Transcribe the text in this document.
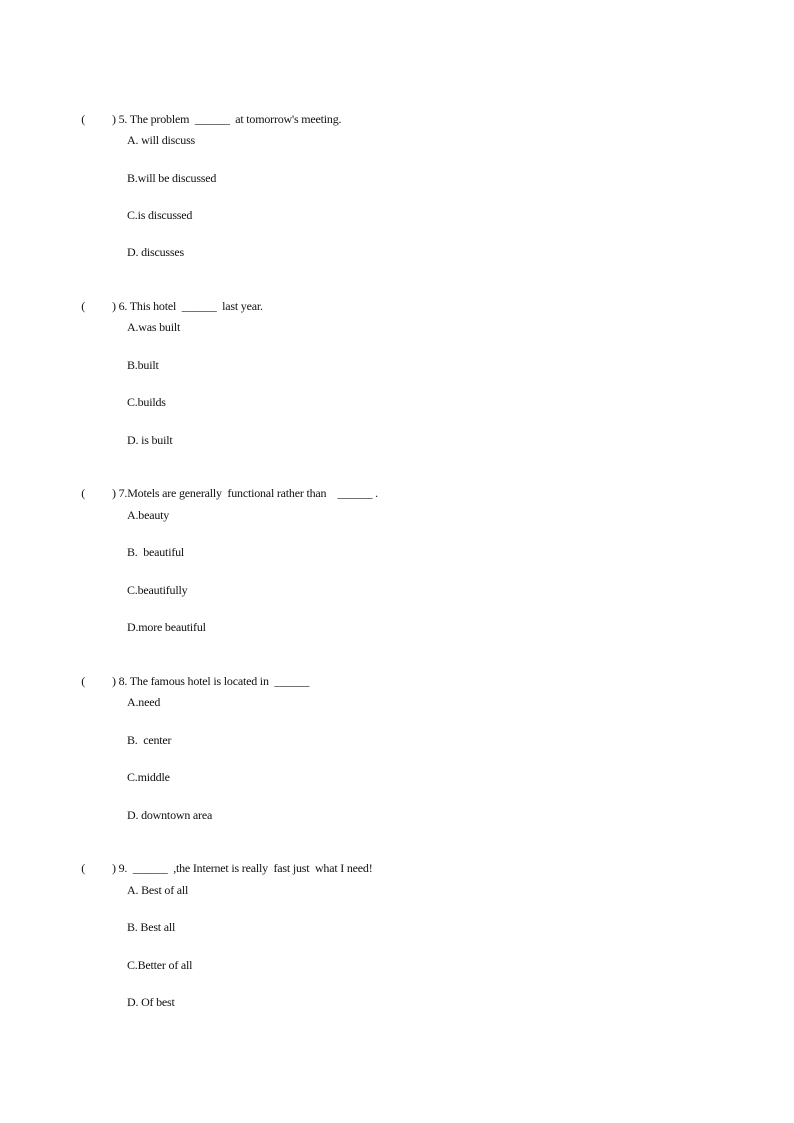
( ) 5. The problem  ______  at tomorrow's meeting.

A. will discuss
B.will be discussed
C.is discussed
D. discusses

( ) 6. This hotel  ______  last year.

A.was built
B.built
C.builds
D. is built

( ) 7.Motels are generally  functional rather than    ______ .

A.beauty
B.  beautiful
C.beautifully
D.more beautiful

( ) 8. The famous hotel is located in  ______

A.need
B.  center
C.middle
D. downtown area

( ) 9.  ______  ,the Internet is really  fast just  what I need!

A. Best of all
B. Best all
C.Better of all
D. Of best
